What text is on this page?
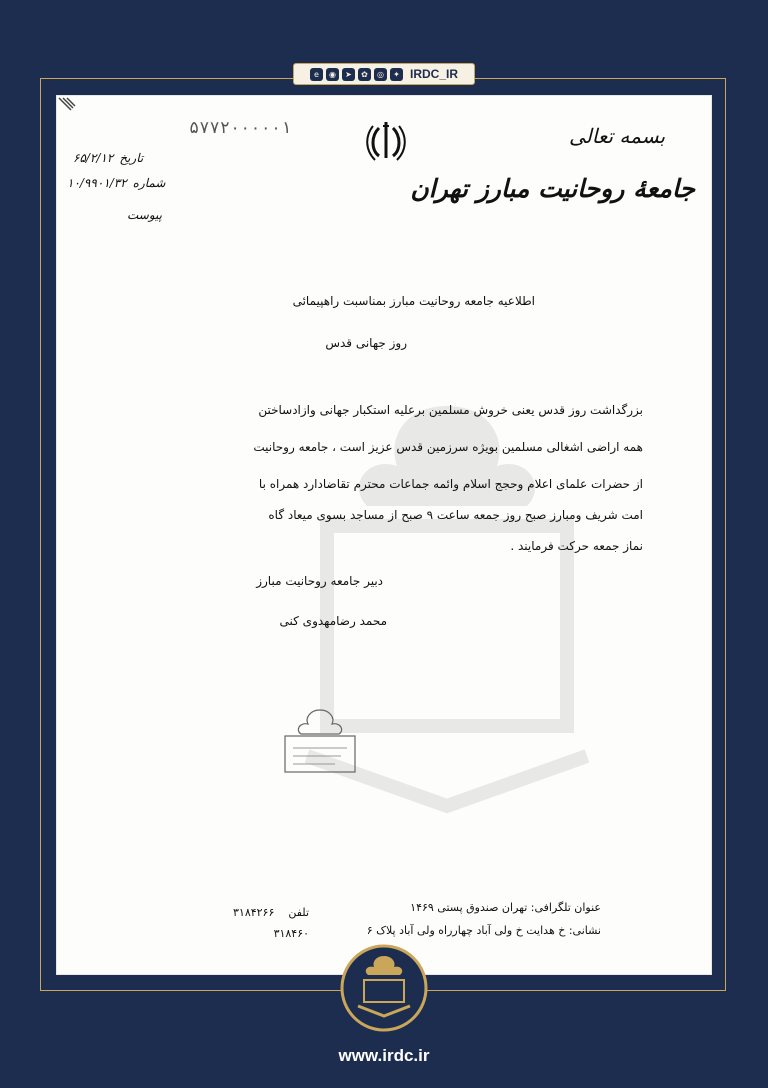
e	◉	➤	✿	◎	✦ IRDC_IR
۵۷۷۲۰۰۰۰۰۱	بسمه تعالی
جامعهٔ روحانیت مبارز تهران
تاریخ
۶۵/۲/۱۲
شماره
۱۰/۹۹۰۱/۳۲
پیوست
اطلاعیه جامعه روحانیت مبارز بمناسبت راهپیمائی
روز جهانی قدس
بزرگداشت روز قدس یعنی خروش مسلمین برعلیه استکبار جهانی وازادساختن
همه اراضی اشغالی مسلمین بویژه سرزمین قدس عزیز است ، جامعه روحانیت
از حضرات علمای اعلام وحجج اسلام وائمه جماعات محترم تقاضادارد همراه با
امت شریف ومبارز صبح روز جمعه ساعت ۹ صبح از مساجد بسوی میعاد گاه
نماز جمعه حرکت فرمایند .
دبیر جامعه روحانیت مبارز
محمد رضامهدوی کنی
تلفن    ۳۱۸۴۲۶۶
۳۱۸۴۶۰
عنوان تلگرافی: تهران صندوق پستی ۱۴۶۹
نشانی: خ هدایت خ ولی آباد چهارراه ولی آباد پلاک ۶
www.irdc.ir
